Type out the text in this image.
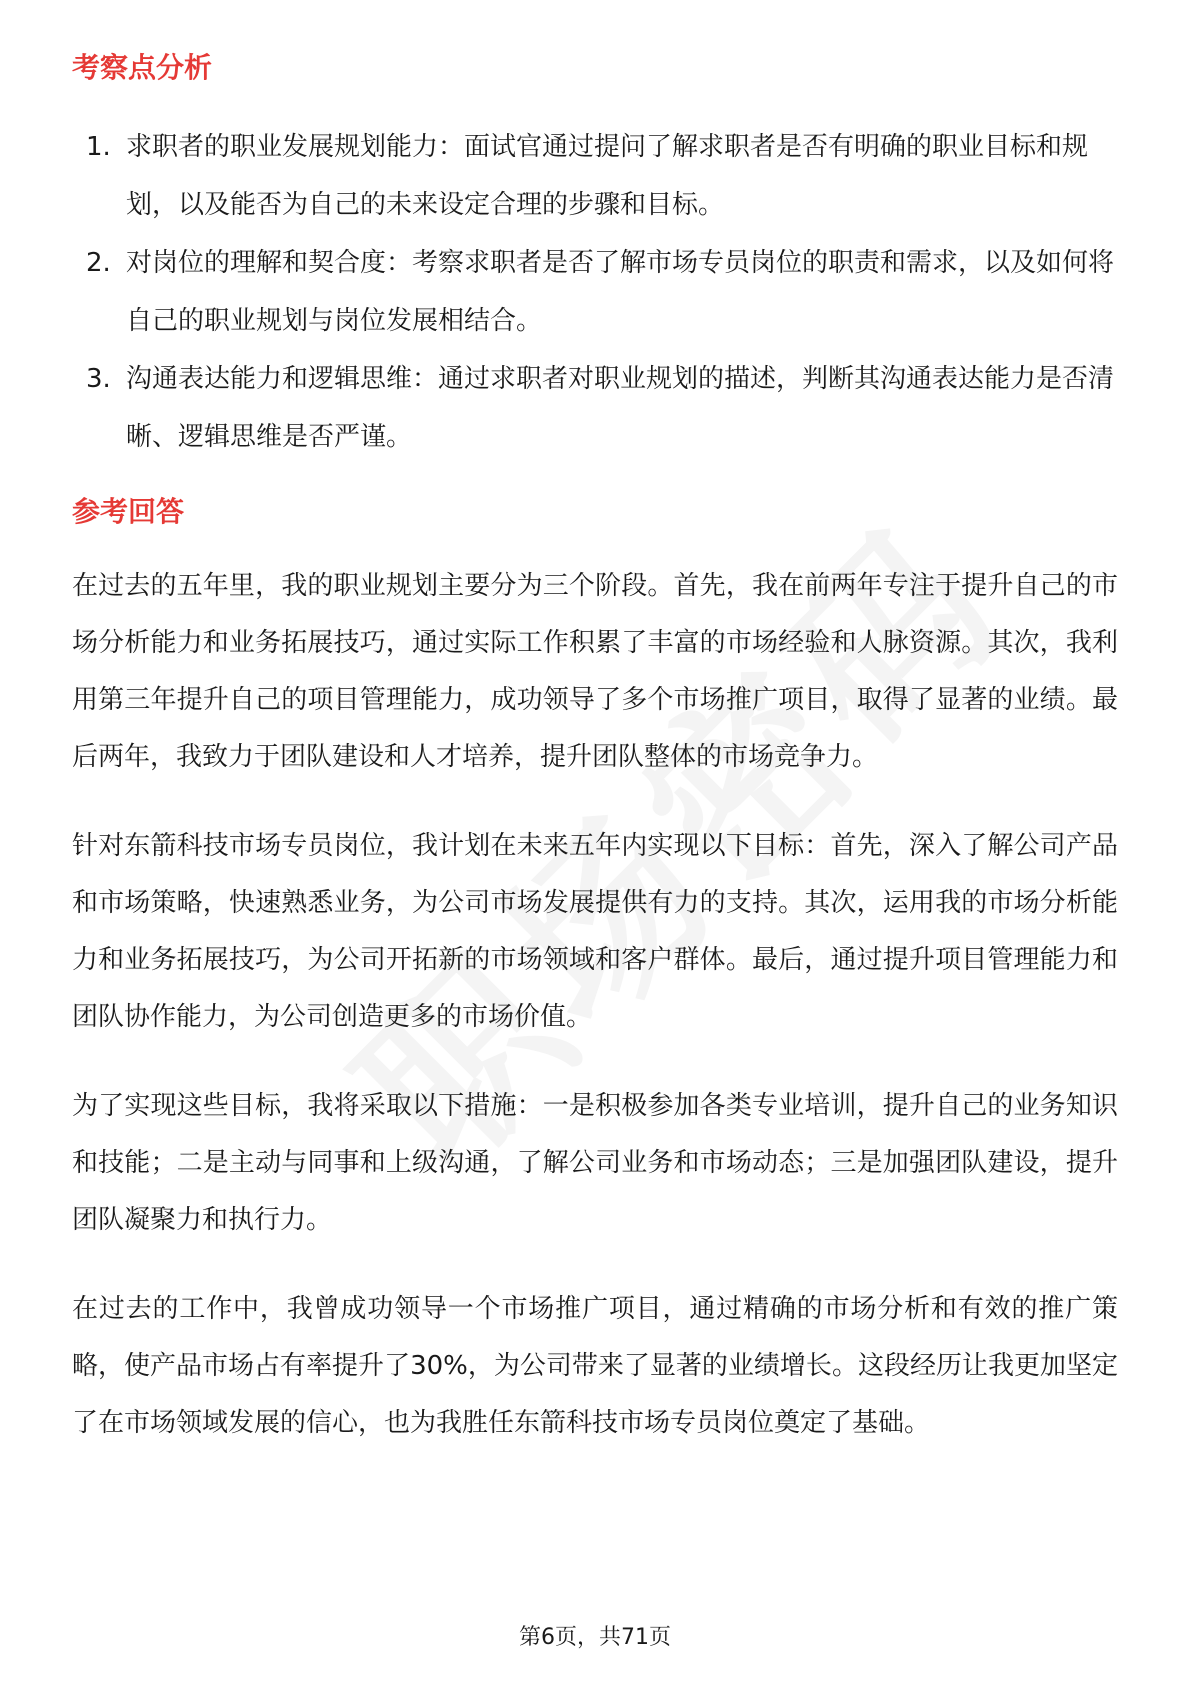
考察点分析
1. 求职者的职业发展规划能力：面试官通过提问了解求职者是否有明确的职业目标和规划，以及能否为自己的未来设定合理的步骤和目标。
2. 对岗位的理解和契合度：考察求职者是否了解市场专员岗位的职责和需求，以及如何将自己的职业规划与岗位发展相结合。
3. 沟通表达能力和逻辑思维：通过求职者对职业规划的描述，判断其沟通表达能力是否清晰、逻辑思维是否严谨。
参考回答

在过去的五年里，我的职业规划主要分为三个阶段。首先，我在前两年专注于提升自己的市场分析能力和业务拓展技巧，通过实际工作积累了丰富的市场经验和人脉资源。其次，我利用第三年提升自己的项目管理能力，成功领导了多个市场推广项目，取得了显著的业绩。最后两年，我致力于团队建设和人才培养，提升团队整体的市场竞争力。

针对东箭科技市场专员岗位，我计划在未来五年内实现以下目标：首先，深入了解公司产品和市场策略，快速熟悉业务，为公司市场发展提供有力的支持。其次，运用我的市场分析能力和业务拓展技巧，为公司开拓新的市场领域和客户群体。最后，通过提升项目管理能力和团队协作能力，为公司创造更多的市场价值。

为了实现这些目标，我将采取以下措施：一是积极参加各类专业培训，提升自己的业务知识和技能；二是主动与同事和上级沟通，了解公司业务和市场动态；三是加强团队建设，提升团队凝聚力和执行力。

在过去的工作中，我曾成功领导一个市场推广项目，通过精确的市场分析和有效的推广策略，使产品市场占有率提升了30%，为公司带来了显著的业绩增长。这段经历让我更加坚定了在市场领域发展的信心，也为我胜任东箭科技市场专员岗位奠定了基础。

第6页，共71页
